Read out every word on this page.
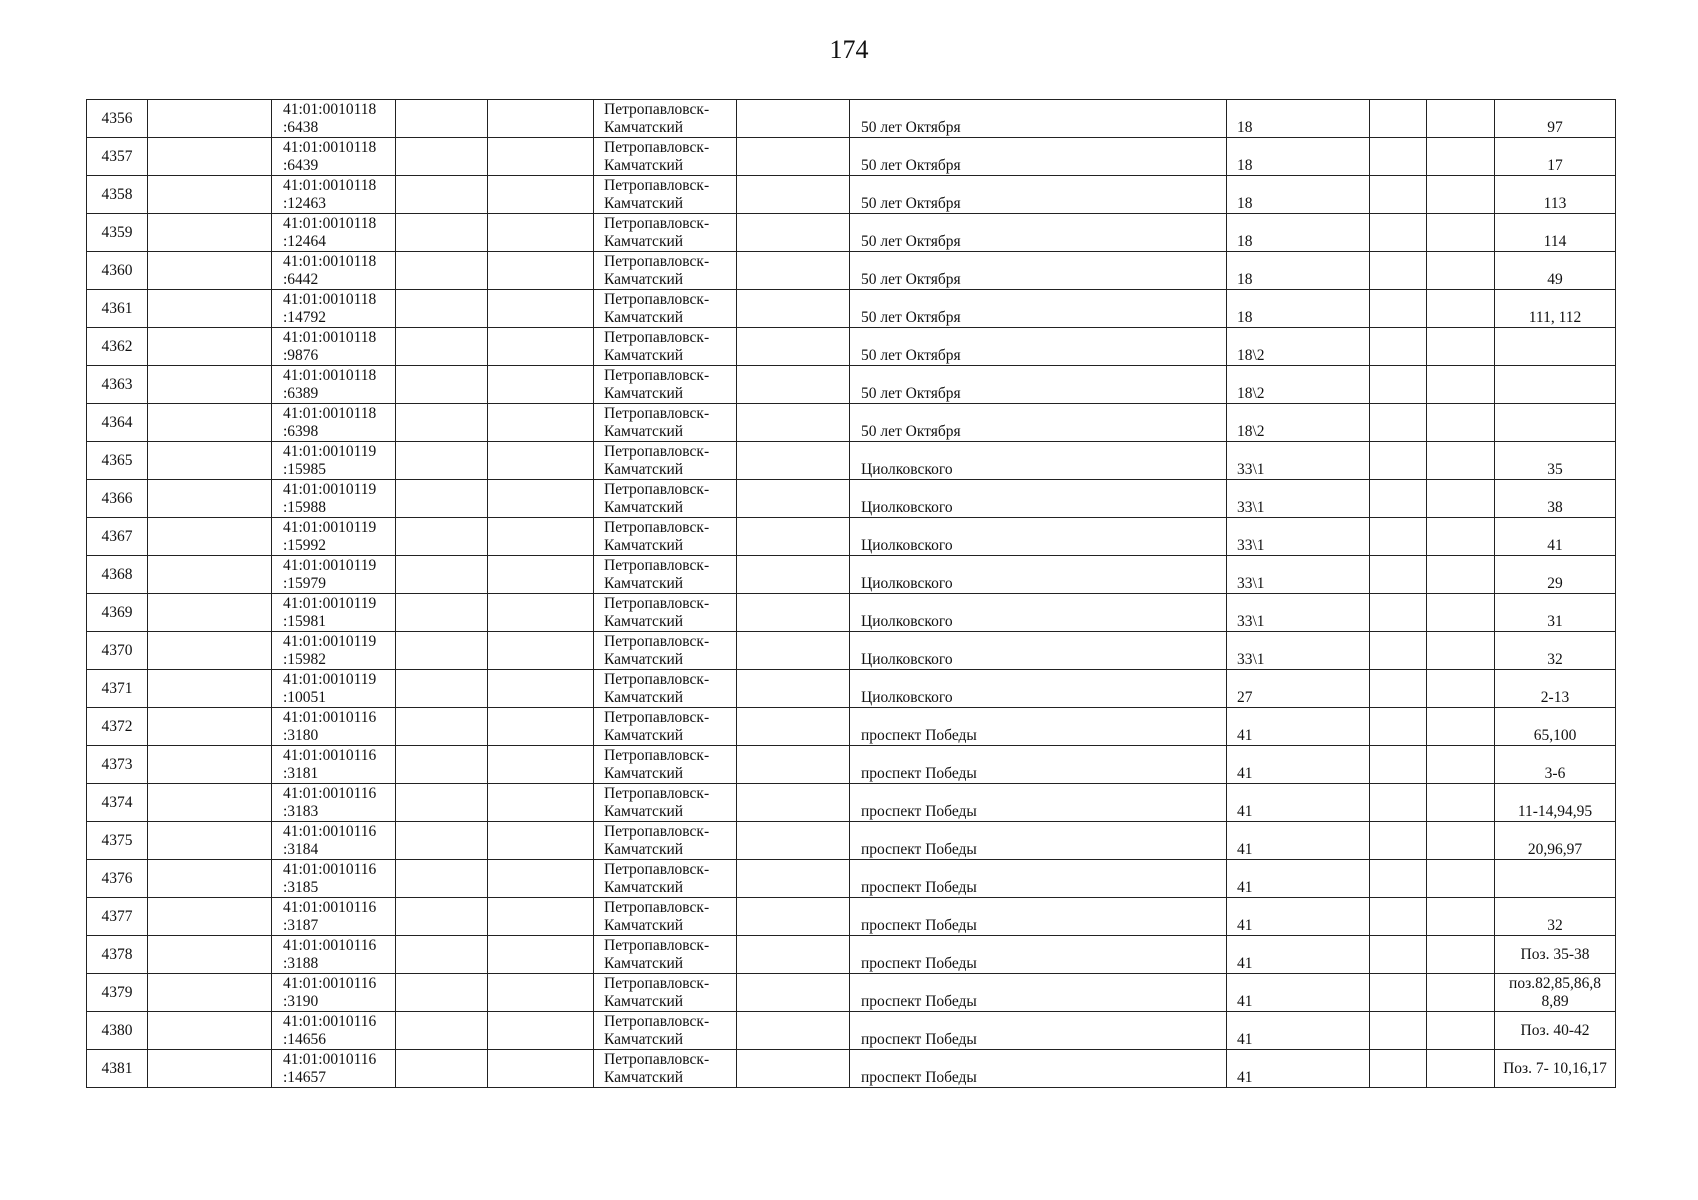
174
4356		41:01:0010118
:6438			Петропавловск-
Камчатский		50 лет Октября	18			97
4357		41:01:0010118
:6439			Петропавловск-
Камчатский		50 лет Октября	18			17
4358		41:01:0010118
:12463			Петропавловск-
Камчатский		50 лет Октября	18			113
4359		41:01:0010118
:12464			Петропавловск-
Камчатский		50 лет Октября	18			114
4360		41:01:0010118
:6442			Петропавловск-
Камчатский		50 лет Октября	18			49
4361		41:01:0010118
:14792			Петропавловск-
Камчатский		50 лет Октября	18			111, 112
4362		41:01:0010118
:9876			Петропавловск-
Камчатский		50 лет Октября	18\2			
4363		41:01:0010118
:6389			Петропавловск-
Камчатский		50 лет Октября	18\2			
4364		41:01:0010118
:6398			Петропавловск-
Камчатский		50 лет Октября	18\2			
4365		41:01:0010119
:15985			Петропавловск-
Камчатский		Циолковского	33\1			35
4366		41:01:0010119
:15988			Петропавловск-
Камчатский		Циолковского	33\1			38
4367		41:01:0010119
:15992			Петропавловск-
Камчатский		Циолковского	33\1			41
4368		41:01:0010119
:15979			Петропавловск-
Камчатский		Циолковского	33\1			29
4369		41:01:0010119
:15981			Петропавловск-
Камчатский		Циолковского	33\1			31
4370		41:01:0010119
:15982			Петропавловск-
Камчатский		Циолковского	33\1			32
4371		41:01:0010119
:10051			Петропавловск-
Камчатский		Циолковского	27			2-13
4372		41:01:0010116
:3180			Петропавловск-
Камчатский		проспект Победы	41			65,100
4373		41:01:0010116
:3181			Петропавловск-
Камчатский		проспект Победы	41			3-6
4374		41:01:0010116
:3183			Петропавловск-
Камчатский		проспект Победы	41			11-14,94,95
4375		41:01:0010116
:3184			Петропавловск-
Камчатский		проспект Победы	41			20,96,97
4376		41:01:0010116
:3185			Петропавловск-
Камчатский		проспект Победы	41			
4377		41:01:0010116
:3187			Петропавловск-
Камчатский		проспект Победы	41			32
4378		41:01:0010116
:3188			Петропавловск-
Камчатский		проспект Победы	41			Поз. 35-38
4379		41:01:0010116
:3190			Петропавловск-
Камчатский		проспект Победы	41			поз.82,85,86,8 8,89
4380		41:01:0010116
:14656			Петропавловск-
Камчатский		проспект Победы	41			Поз. 40-42
4381		41:01:0010116
:14657			Петропавловск-
Камчатский		проспект Победы	41			Поз. 7- 10,16,17
